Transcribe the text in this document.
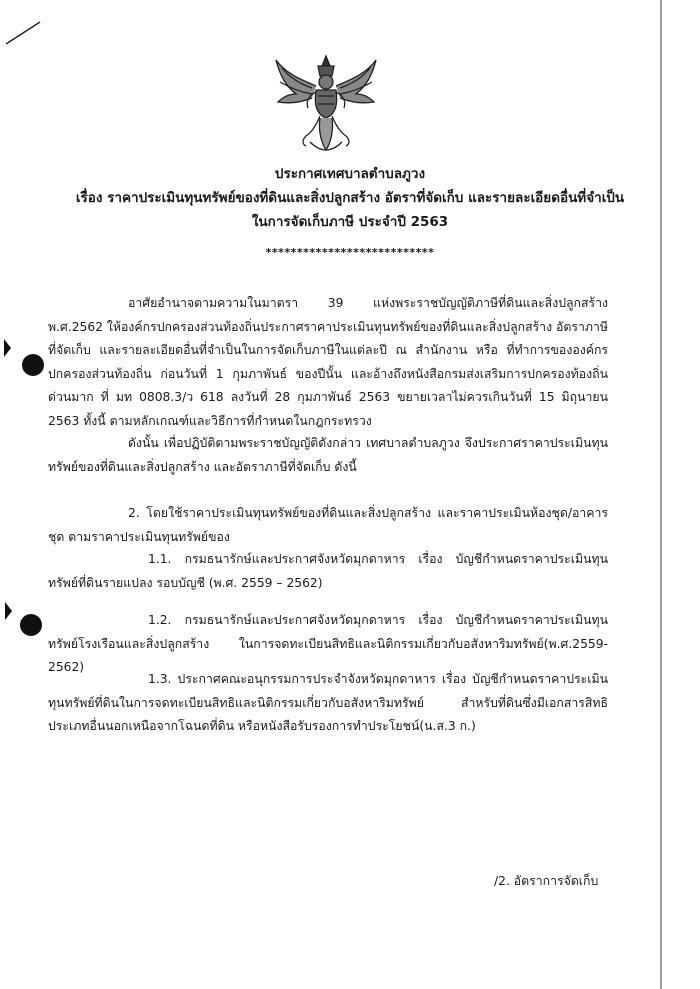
ประกาศเทศบาลตำบลภูวง
เรื่อง ราคาประเมินทุนทรัพย์ของที่ดินและสิ่งปลูกสร้าง อัตราที่จัดเก็บ และรายละเอียดอื่นที่จำเป็น
ในการจัดเก็บภาษี ประจำปี 2563
***************************
อาศัยอำนาจตามความในมาตรา 39 แห่งพระราชบัญญัติภาษีที่ดินและสิ่งปลูกสร้าง พ.ศ.2562 ให้องค์กรปกครองส่วนท้องถิ่นประกาศราคาประเมินทุนทรัพย์ของที่ดินและสิ่งปลูกสร้าง อัตราภาษีที่จัดเก็บ และรายละเอียดอื่นที่จำเป็นในการจัดเก็บภาษีในแต่ละปี ณ สำนักงาน หรือ ที่ทำการขององค์กรปกครองส่วนท้องถิ่น ก่อนวันที่ 1 กุมภาพันธ์ ของปีนั้น และอ้างถึงหนังสือกรมส่งเสริมการปกครองท้องถิ่น ด่วนมาก ที่ มท 0808.3/ว 618 ลงวันที่ 28 กุมภาพันธ์ 2563 ขยายเวลาไม่ควรเกินวันที่ 15 มิถุนายน 2563 ทั้งนี้ ตามหลักเกณฑ์และวิธีการที่กำหนดในกฎกระทรวง
ดังนั้น เพื่อปฏิบัติตามพระราชบัญญัติดังกล่าว เทศบาลตำบลภูวง จึงประกาศราคาประเมินทุนทรัพย์ของที่ดินและสิ่งปลูกสร้าง และอัตราภาษีที่จัดเก็บ ดังนี้
2. โดยใช้ราคาประเมินทุนทรัพย์ของที่ดินและสิ่งปลูกสร้าง และราคาประเมินห้องชุด/อาคารชุด ตามราคาประเมินทุนทรัพย์ของ
1.1. กรมธนารักษ์และประกาศจังหวัดมุกดาหาร เรื่อง บัญชีกำหนดราคาประเมินทุนทรัพย์ที่ดินรายแปลง รอบบัญชี (พ.ศ. 2559 – 2562)
1.2. กรมธนารักษ์และประกาศจังหวัดมุกดาหาร เรื่อง บัญชีกำหนดราคาประเมินทุนทรัพย์โรงเรือนและสิ่งปลูกสร้าง ในการจดทะเบียนสิทธิและนิติกรรมเกี่ยวกับอสังหาริมทรัพย์(พ.ศ.2559-2562)
1.3. ประกาศคณะอนุกรรมการประจำจังหวัดมุกดาหาร เรื่อง บัญชีกำหนดราคาประเมินทุนทรัพย์ที่ดินในการจดทะเบียนสิทธิและนิติกรรมเกี่ยวกับอสังหาริมทรัพย์ สำหรับที่ดินซึ่งมีเอกสารสิทธิประเภทอื่นนอกเหนือจากโฉนดที่ดิน หรือหนังสือรับรองการทำประโยชน์(น.ส.3 ก.)
/2. อัตราการจัดเก็บ
